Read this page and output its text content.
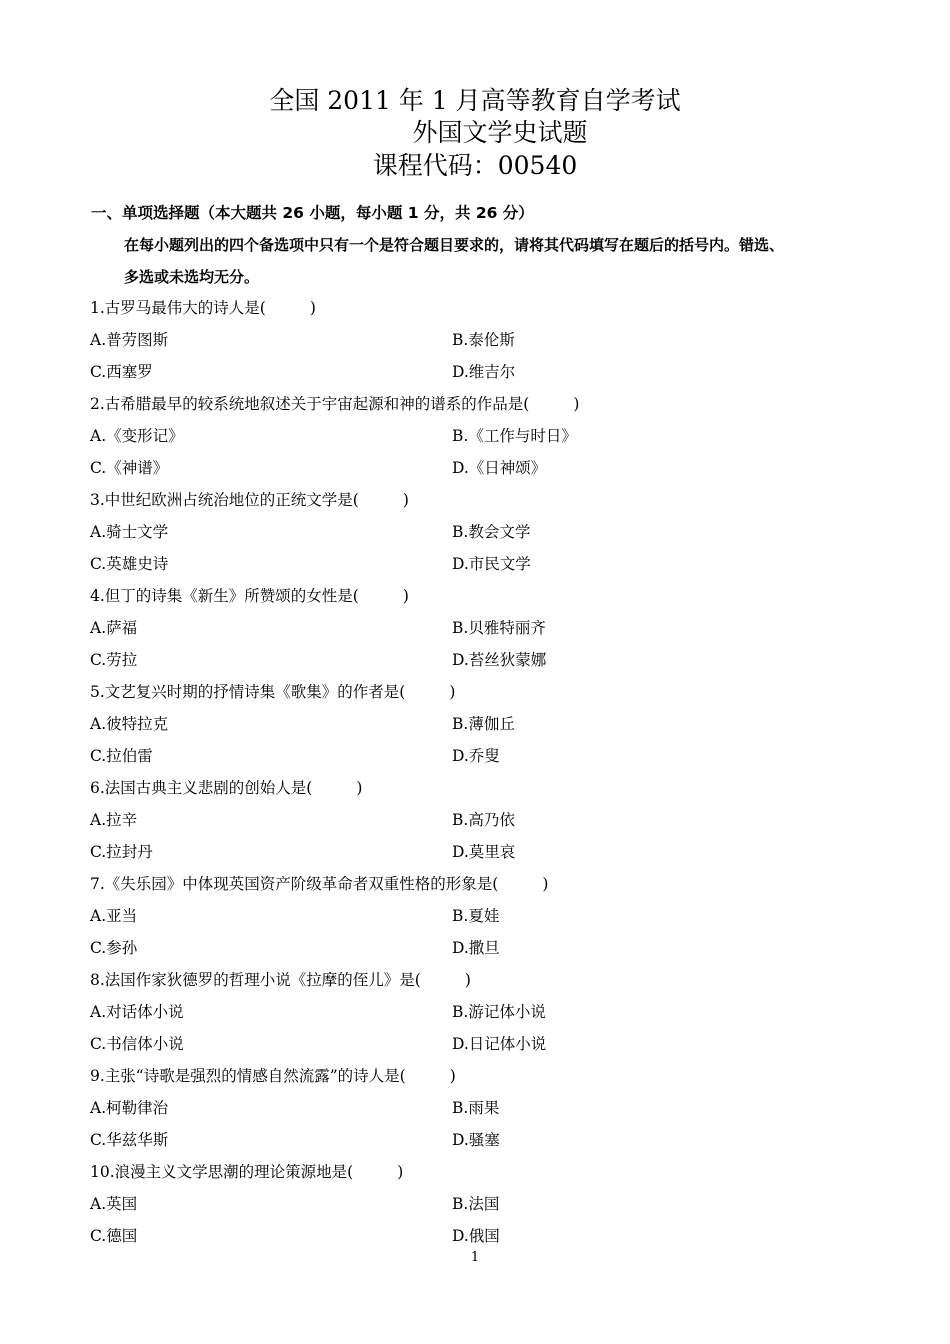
全国 2011 年 1 月高等教育自学考试
外国文学史试题
课程代码：00540
一、单项选择题（本大题共 26 小题，每小题 1 分，共 26 分）
在每小题列出的四个备选项中只有一个是符合题目要求的，请将其代码填写在题后的括号内。错选、
多选或未选均无分。
1.古罗马最伟大的诗人是(	)
A.普劳图斯	B.泰伦斯
C.西塞罗	D.维吉尔
2.古希腊最早的较系统地叙述关于宇宙起源和神的谱系的作品是(	)
A.《变形记》	B.《工作与时日》
C.《神谱》	D.《日神颂》
3.中世纪欧洲占统治地位的正统文学是(	)
A.骑士文学	B.教会文学
C.英雄史诗	D.市民文学
4.但丁的诗集《新生》所赞颂的女性是(	)
A.萨福	B.贝雅特丽齐
C.劳拉	D.苔丝狄蒙娜
5.文艺复兴时期的抒情诗集《歌集》的作者是(	)
A.彼特拉克	B.薄伽丘
C.拉伯雷	D.乔叟
6.法国古典主义悲剧的创始人是(	)
A.拉辛	B.高乃依
C.拉封丹	D.莫里哀
7.《失乐园》中体现英国资产阶级革命者双重性格的形象是(	)
A.亚当	B.夏娃
C.参孙	D.撒旦
8.法国作家狄德罗的哲理小说《拉摩的侄儿》是(	)
A.对话体小说	B.游记体小说
C.书信体小说	D.日记体小说
9.主张“诗歌是强烈的情感自然流露”的诗人是(	)
A.柯勒律治	B.雨果
C.华兹华斯	D.骚塞
10.浪漫主义文学思潮的理论策源地是(	)
A.英国	B.法国
C.德国	D.俄国
1
